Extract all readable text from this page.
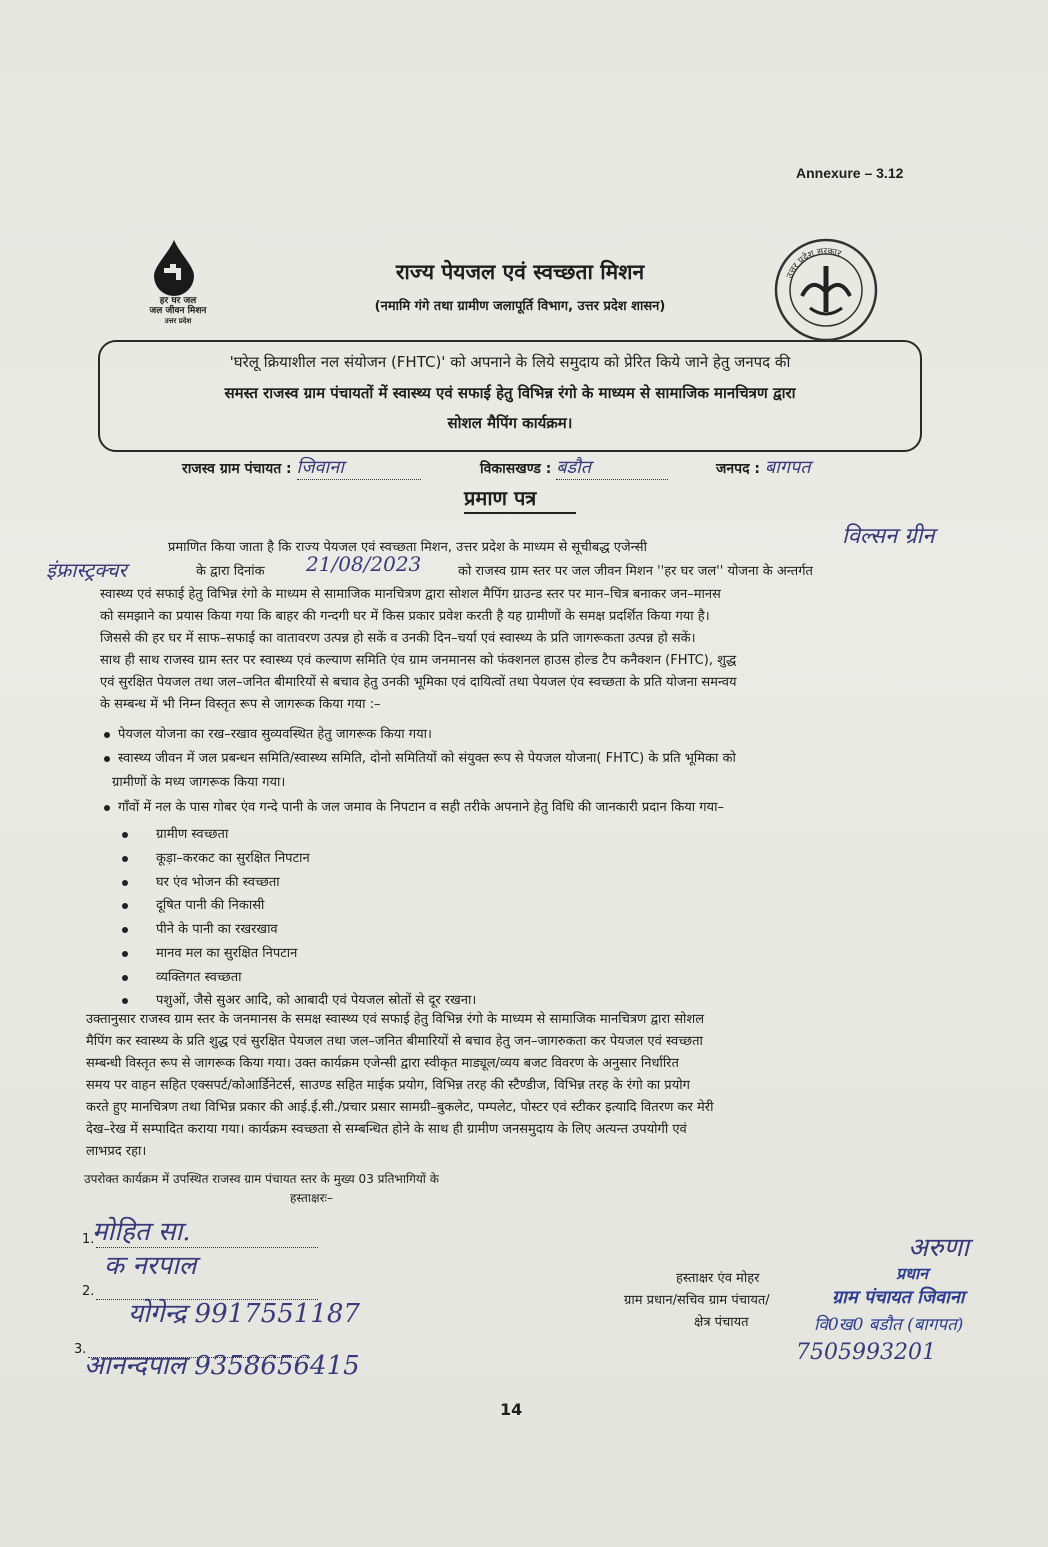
Annexure – 3.12
हर घर जल
जल जीवन मिशन
उत्तर प्रदेश
राज्य पेयजल एवं स्वच्छता मिशन
(नमामि गंगे तथा ग्रामीण जलापूर्ति विभाग, उत्तर प्रदेश शासन)
उत्तर प्रदेश सरकार
'घरेलू क्रियाशील नल संयोजन (FHTC)' को अपनाने के लिये समुदाय को प्रेरित किये जाने हेतु जनपद की
समस्त राजस्व ग्राम पंचायतों में स्वास्थ्य एवं सफाई हेतु विभिन्न रंगो के माध्यम से सामाजिक मानचित्रण द्वारा
सोशल मैपिंग कार्यक्रम।
राजस्व ग्राम पंचायत : जिवाना	विकासखण्ड : बडौत	जनपद : बागपत
प्रमाण पत्र
प्रमाणित किया जाता है कि राज्य पेयजल एवं स्वच्छता मिशन, उत्तर प्रदेश के माध्यम से सूचीबद्ध एजेन्सी	विल्सन ग्रीन
इंफ्रास्ट्रक्चर	के द्वारा दिनांक	21/08/2023	को राजस्व ग्राम स्तर पर जल जीवन मिशन ''हर घर जल'' योजना के अन्तर्गत
स्वास्थ्य एवं सफाई हेतु विभिन्न रंगो के माध्यम से सामाजिक मानचित्रण द्वारा सोशल मैपिंग ग्राउन्ड स्तर पर मान–चित्र बनाकर जन–मानस
को समझाने का प्रयास किया गया कि बाहर की गन्दगी घर में किस प्रकार प्रवेश करती है यह ग्रामीणों के समक्ष प्रदर्शित किया गया है।
जिससे की हर घर में साफ–सफाई का वातावरण उत्पन्न हो सकें व उनकी दिन–चर्या एवं स्वास्थ्य के प्रति जागरूकता उत्पन्न हो सकें।
साथ ही साथ राजस्व ग्राम स्तर पर स्वास्थ्य एवं कल्याण समिति एंव ग्राम जनमानस को फंक्शनल हाउस होल्ड टैप कनैक्शन (FHTC), शुद्ध
एवं सुरक्षित पेयजल तथा जल–जनित बीमारियों से बचाव हेतु उनकी भूमिका एवं दायित्वों तथा पेयजल एंव स्वच्छता के प्रति योजना समन्वय
के सम्बन्ध में भी निम्न विस्तृत रूप से जागरूक किया गया :–
पेयजल योजना का रख–रखाव सुव्यवस्थित हेतु जागरूक किया गया।
स्वास्थ्य जीवन में जल प्रबन्धन समिति/स्वास्थ्य समिति, दोनो समितियों को संयुक्त रूप से पेयजल योजना( FHTC) के प्रति भूमिका को
ग्रामीणों के मध्य जागरूक किया गया।
गाँवों में नल के पास गोबर एंव गन्दे पानी के जल जमाव के निपटान व सही तरीके अपनाने हेतु विधि की जानकारी प्रदान किया गया–
ग्रामीण स्वच्छता
कूड़ा–करकट का सुरक्षित निपटान
घर एंव भोजन की स्वच्छता
दूषित पानी की निकासी
पीने के पानी का रखरखाव
मानव मल का सुरक्षित निपटान
व्यक्तिगत स्वच्छता
पशुओं, जैसे सुअर आदि, को आबादी एवं पेयजल स्रोतों से दूर रखना।
उक्तानुसार राजस्व ग्राम स्तर के जनमानस के समक्ष स्वास्थ्य एवं सफाई हेतु विभिन्न रंगो के माध्यम से सामाजिक मानचित्रण द्वारा सोशल
मैपिंग कर स्वास्थ्य के प्रति शुद्ध एवं सुरक्षित पेयजल तथा जल–जनित बीमारियों से बचाव हेतु जन–जागरुकता कर पेयजल एवं स्वच्छता
सम्बन्धी विस्तृत रूप से जागरूक किया गया। उक्त कार्यक्रम एजेन्सी द्वारा स्वीकृत माड्यूल/व्यय बजट विवरण के अनुसार निर्धारित
समय पर वाहन सहित एक्सपर्ट/कोआर्डिनेटर्स, साउण्ड सहित माईक प्रयोग, विभिन्न तरह की स्टैण्डीज, विभिन्न तरह के रंगो का प्रयोग
करते हुए मानचित्रण तथा विभिन्न प्रकार की आई.ई.सी./प्रचार प्रसार सामग्री–बुकलेट, पम्पलेट, पोस्टर एवं स्टीकर इत्यादि वितरण कर मेरी
देख–रेख में सम्पादित कराया गया। कार्यक्रम स्वच्छता से सम्बन्धित होने के साथ ही ग्रामीण जनसमुदाय के लिए अत्यन्त उपयोगी एवं
लाभप्रद रहा।
उपरोक्त कार्यक्रम में उपस्थित राजस्व ग्राम पंचायत स्तर के मुख्य 03 प्रतिभागियों के
हस्ताक्षरः–
1.
मोहित सा.
क नरपाल
2.
योगेन्द्र 9917551187
3.
आनन्दपाल 9358656415
हस्ताक्षर एंव मोहर
ग्राम प्रधान/सचिव ग्राम पंचायत/
क्षेत्र पंचायत
अरुणा
प्रधान
ग्राम पंचायत जिवाना
वि0ख0 बडौत (बागपत)
7505993201
14
